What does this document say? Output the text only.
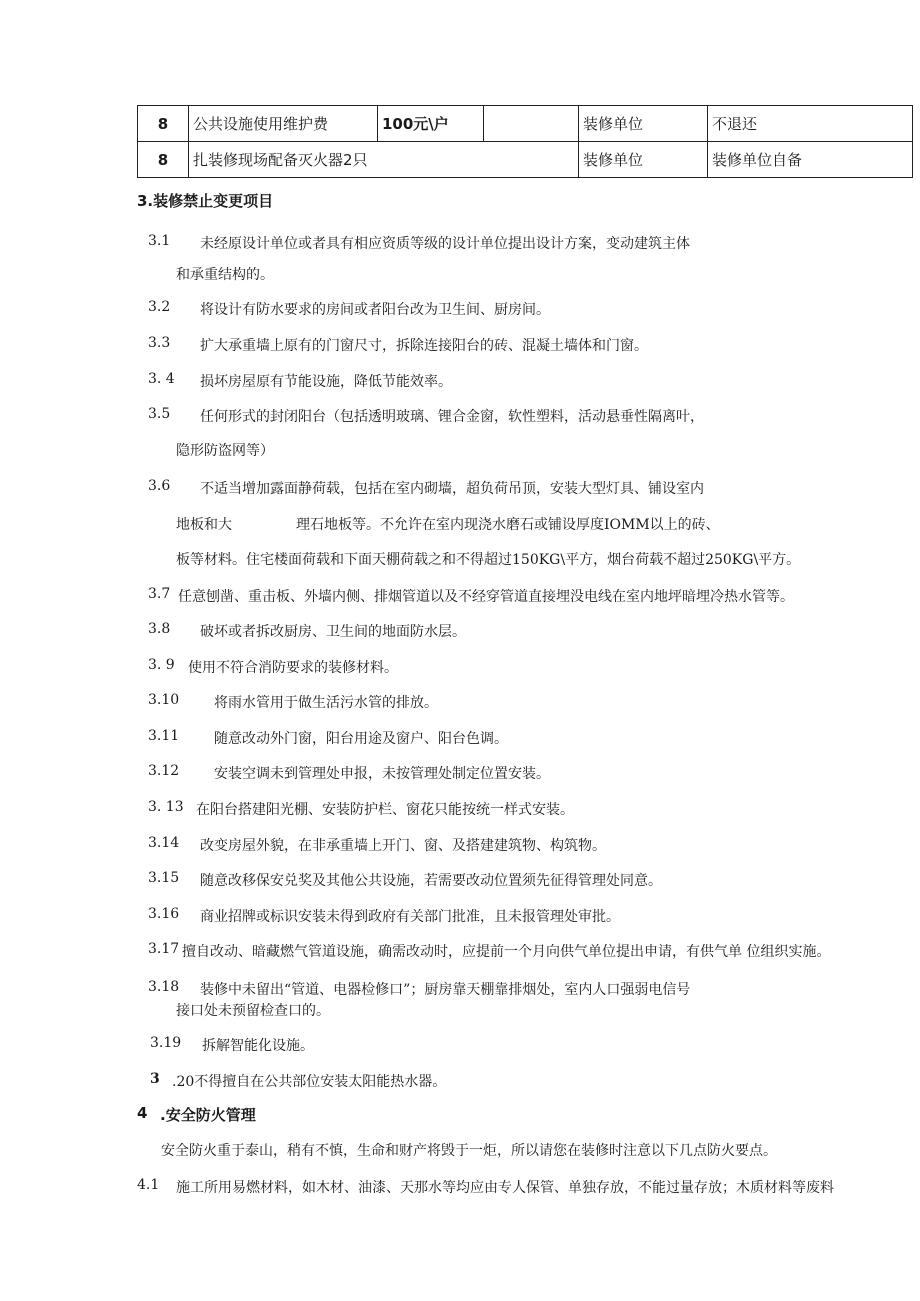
8	公共设施使用维护费	100元\户		装修单位	不退还
8	扎装修现场配备灭火器2只			装修单位	装修单位自备
3.装修禁止变更项目
3.1 未经原设计单位或者具有相应资质等级的设计单位提出设计方案，变动建筑主体
和承重结构的。
3.2 将设计有防水要求的房间或者阳台改为卫生间、厨房间。
3.3 扩大承重墙上原有的门窗尺寸，拆除连接阳台的砖、混凝土墙体和门窗。
3. 4 损坏房屋原有节能设施，降低节能效率。
3.5 任何形式的封闭阳台（包括透明玻璃、锂合金窗，软性塑料，活动悬垂性隔离叶，
隐形防盗网等）
3.6 不适当增加露面静荷载，包括在室内砌墙，超负荷吊顶，安装大型灯具、铺设室内
地板和大	理石地板等。不允许在室内现浇水磨石或铺设厚度IOMM以上的砖、
板等材料。住宅楼面荷载和下面天棚荷载之和不得超过150KG\平方，烟台荷载不超过250KG\平方。
3.7 任意刨凿、重击板、外墙内侧、排烟管道以及不经穿管道直接埋没电线在室内地坪暗埋冷热水管等。
3.8 破坏或者拆改厨房、卫生间的地面防水层。
3. 9 使用不符合消防要求的装修材料。
3.10 将雨水管用于做生活污水管的排放。
3.11 随意改动外门窗，阳台用途及窗户、阳台色调。
3.12 安装空调未到管理处申报，未按管理处制定位置安装。
3. 13 在阳台搭建阳光棚、安装防护栏、窗花只能按统一样式安装。
3.14 改变房屋外貌，在非承重墙上开门、窗、及搭建建筑物、构筑物。
3.15 随意改移保安兑奖及其他公共设施，若需要改动位置须先征得管理处同意。
3.16 商业招牌或标识安装未得到政府有关部门批准，且未报管理处审批。
3.17 擅自改动、暗藏燃气管道设施，确需改动时，应提前一个月向供气单位提出申请，有供气单 位组织实施。
3.18 装修中未留出“管道、电器检修口”；厨房靠天棚靠排烟处，室内人口强弱电信号
接口处未预留检查口的。
3.19 拆解智能化设施。
3 .20不得擅自在公共部位安装太阳能热水器。
4 .安全防火管理
安全防火重于泰山，稍有不慎，生命和财产将毁于一炬，所以请您在装修时注意以下几点防火要点。
4.1 施工所用易燃材料，如木材、油漆、天那水等均应由专人保管、单独存放，不能过量存放；木质材料等废料
